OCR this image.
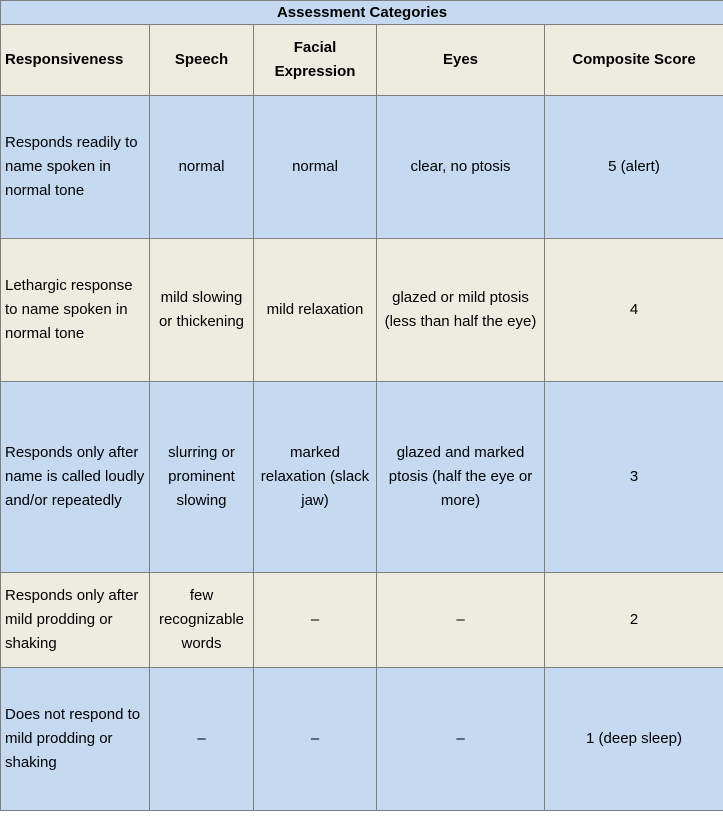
Assessment Categories				
Responsiveness	Speech	Facial Expression	Eyes	Composite Score
Responds readily to name spoken in normal tone	normal	normal	clear, no ptosis	5 (alert)
Lethargic response to name spoken in normal tone	mild slowing or thickening	mild relaxation	glazed or mild ptosis (less than half the eye)	4
Responds only after name is called loudly and/or repeatedly	slurring or prominent slowing	marked relaxation (slack jaw)	glazed and marked ptosis (half the eye or more)	3
Responds only after mild prodding or shaking	few recognizable words	–	–	2
Does not respond to mild prodding or shaking	–	–	–	1 (deep sleep)
